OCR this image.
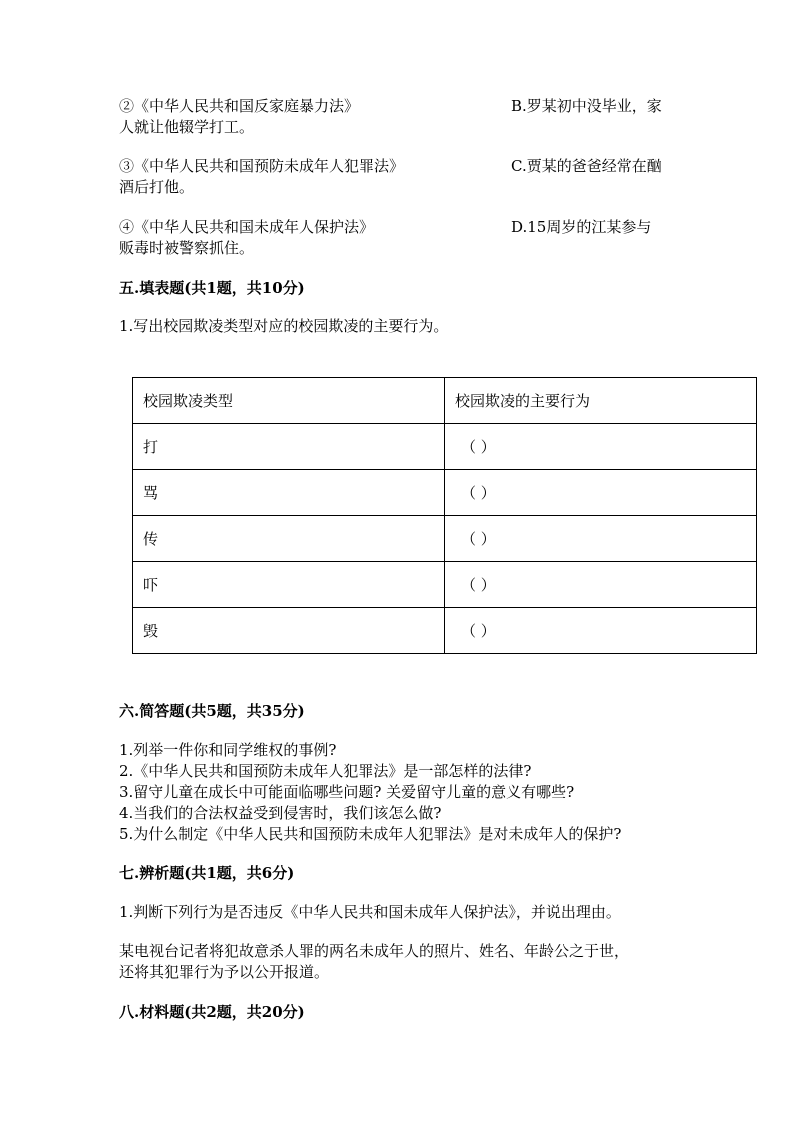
②《中华人民共和国反家庭暴力法》	B.罗某初中没毕业，家
人就让他辍学打工。
③《中华人民共和国预防未成年人犯罪法》	C.贾某的爸爸经常在酗
酒后打他。
④《中华人民共和国未成年人保护法》	D.15周岁的江某参与
贩毒时被警察抓住。
五.填表题(共1题，共10分)
1.写出校园欺凌类型对应的校园欺凌的主要行为。
校园欺凌类型	校园欺凌的主要行为
打	（ ）
骂	（ ）
传	（ ）
吓	（ ）
毁	（ ）
六.简答题(共5题，共35分)
1.列举一件你和同学维权的事例?
2.《中华人民共和国预防未成年人犯罪法》是一部怎样的法律?
3.留守儿童在成长中可能面临哪些问题? 关爱留守儿童的意义有哪些?
4.当我们的合法权益受到侵害时，我们该怎么做?
5.为什么制定《中华人民共和国预防未成年人犯罪法》是对未成年人的保护?
七.辨析题(共1题，共6分)
1.判断下列行为是否违反《中华人民共和国未成年人保护法》，并说出理由。
某电视台记者将犯故意杀人罪的两名未成年人的照片、姓名、年龄公之于世，
还将其犯罪行为予以公开报道。
八.材料题(共2题，共20分)
